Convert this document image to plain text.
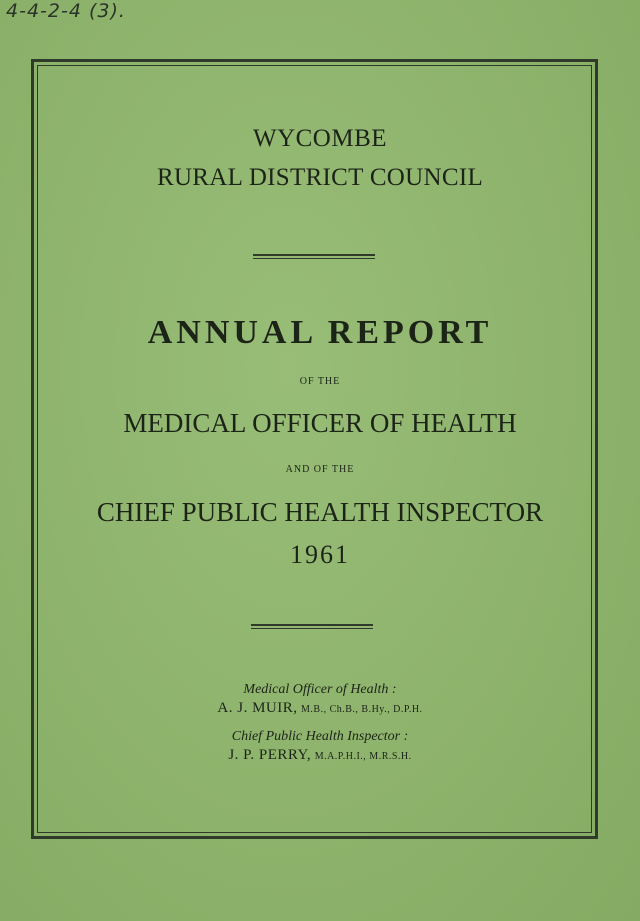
4-4-2-4 (3).
WYCOMBE
RURAL DISTRICT COUNCIL
ANNUAL REPORT
OF THE
MEDICAL OFFICER OF HEALTH
AND OF THE
CHIEF PUBLIC HEALTH INSPECTOR
1961
Medical Officer of Health :
A. J. MUIR, M.B., Ch.B., B.Hy., D.P.H.
Chief Public Health Inspector :
J. P. PERRY, M.A.P.H.I., M.R.S.H.
